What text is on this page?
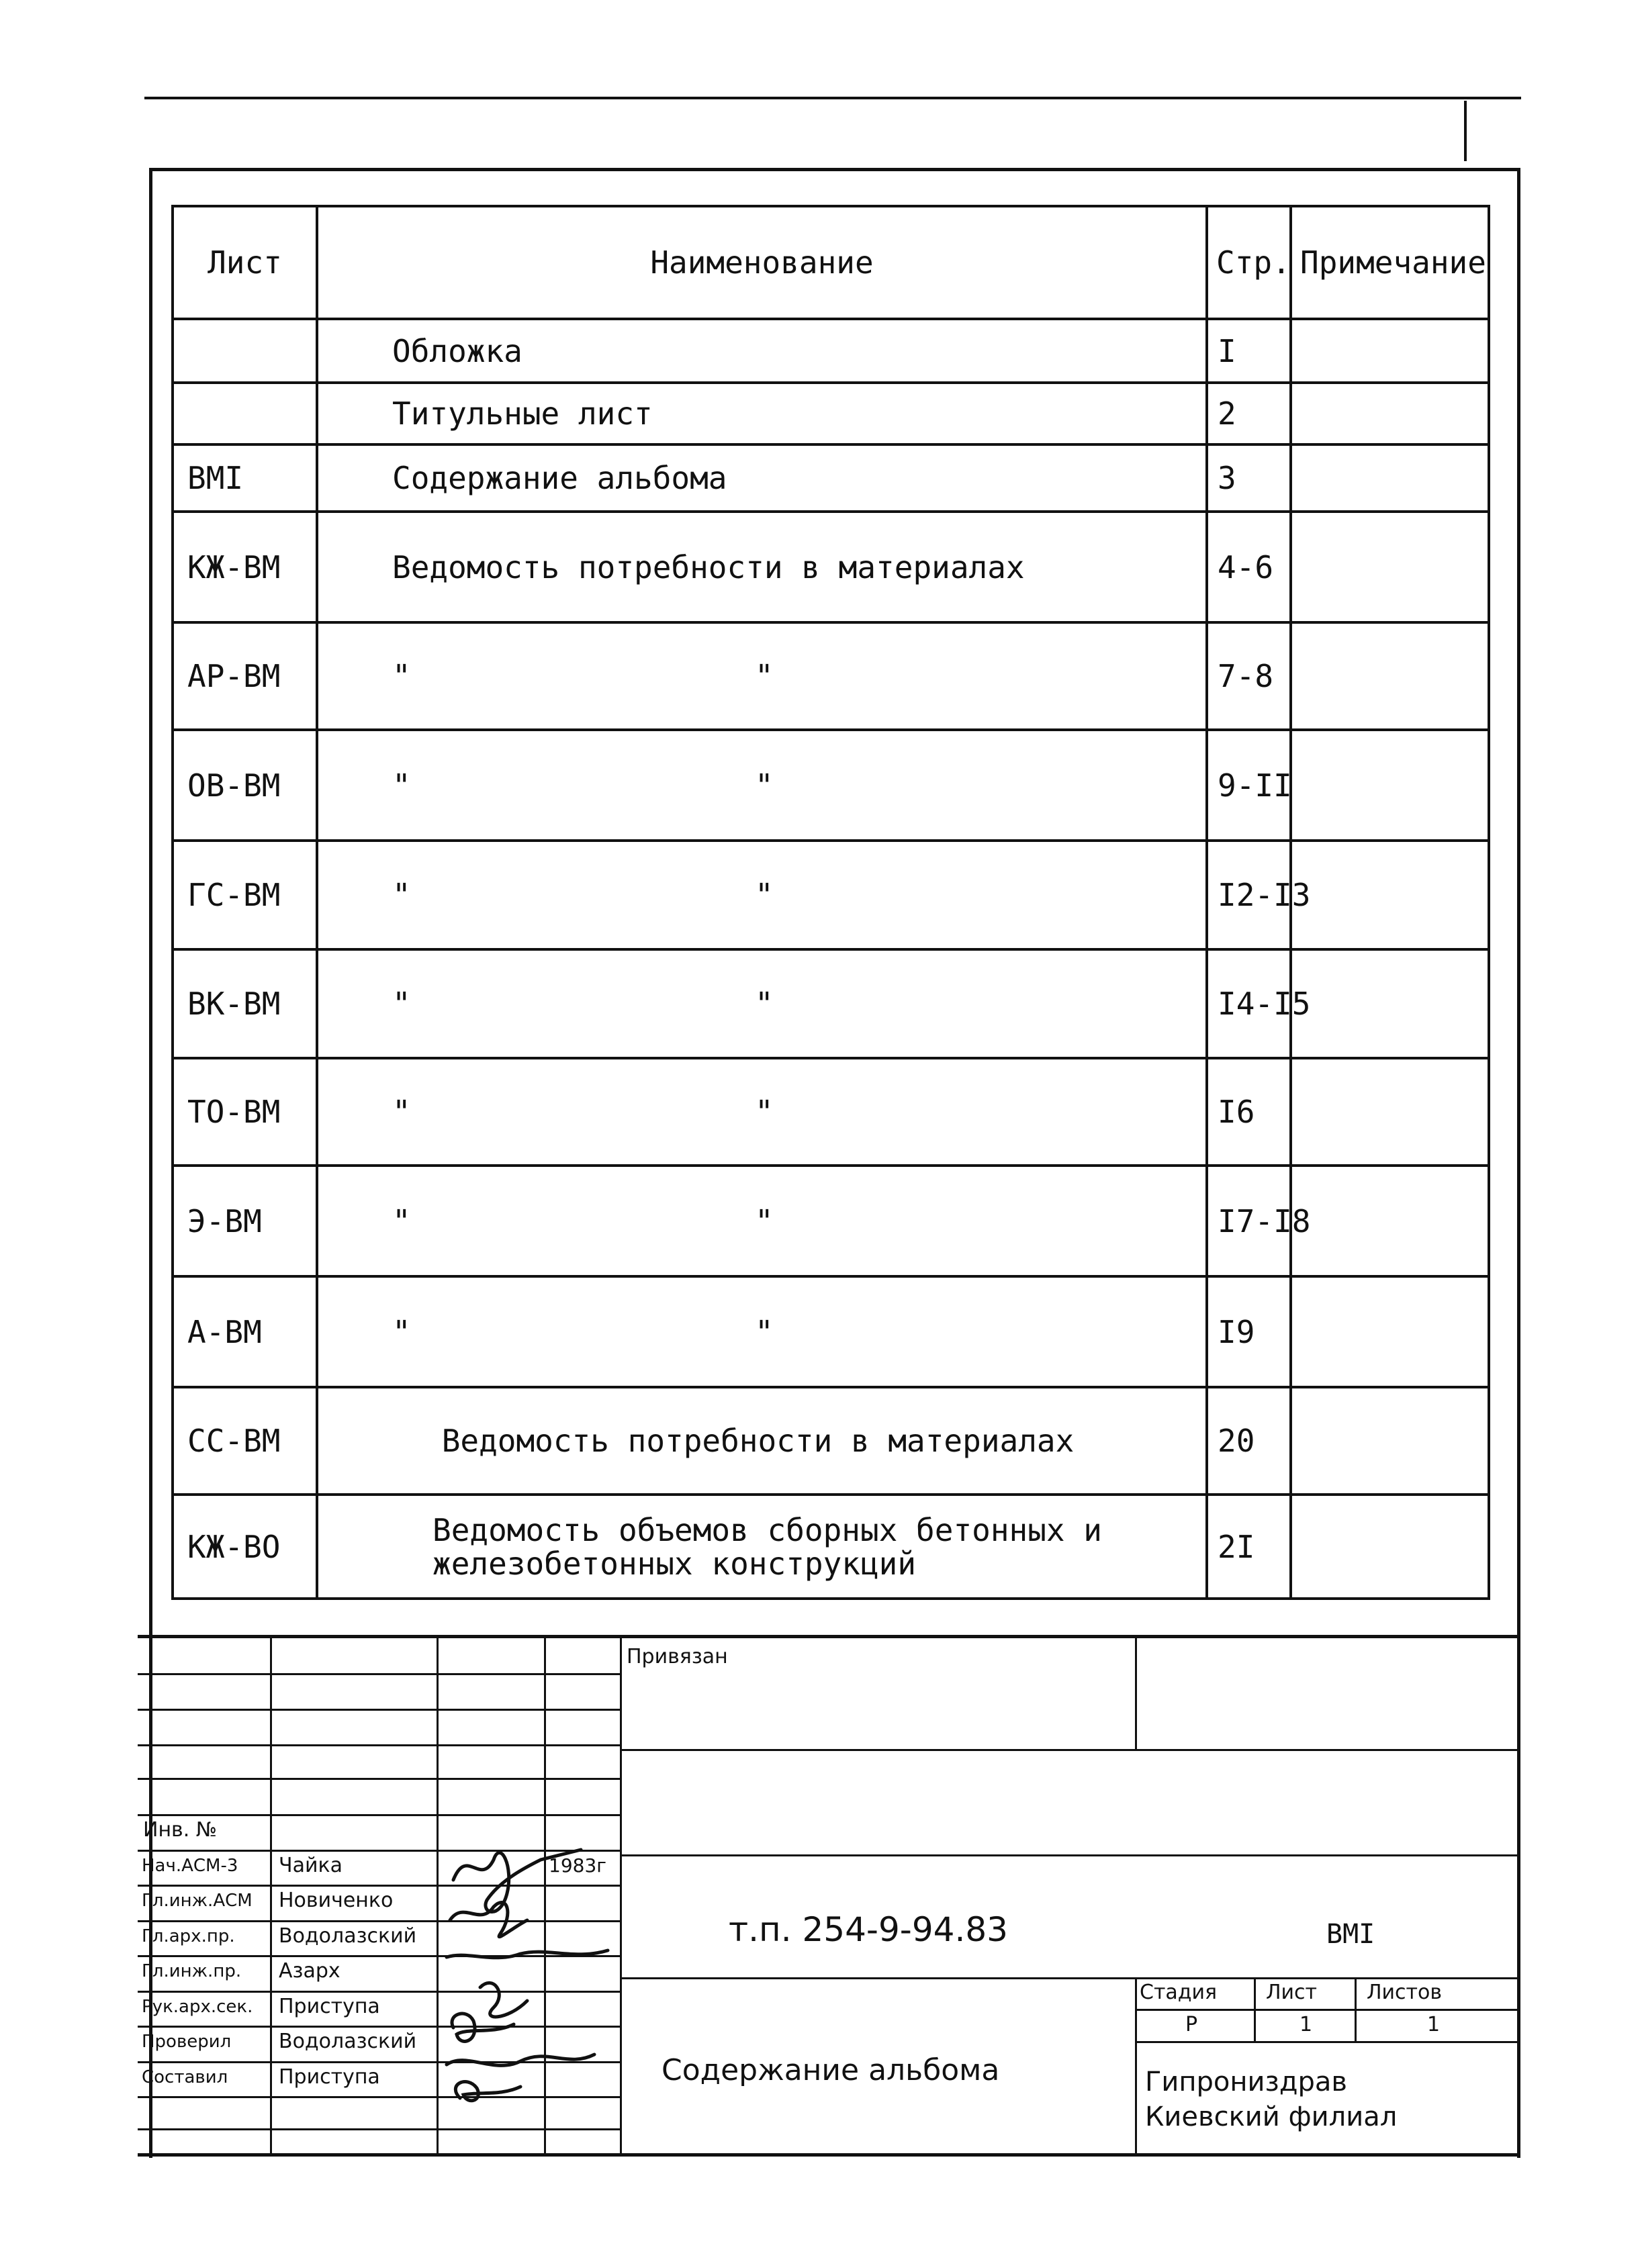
Лист	Наименование	Стр.	Примечание
	Обложка	I	
	Титульные лист	2	
ВМI	Содержание альбома	3	
КЖ-ВМ	Ведомость потребности в материалах	4-6	
АР-ВМ	" "	7-8	
ОВ-ВМ	" "	9-II	
ГС-ВМ	" "	I2-I3	
ВК-ВМ	" "	I4-I5	
ТО-ВМ	" "	I6	
Э-ВМ	" "	I7-I8	
А-ВМ	" "	I9	
СС-ВМ	Ведомость потребности в материалах	20	
КЖ-ВО	Ведомость объемов сборных бетонных и железобетонных конструкций	2I	
Привязан
Инв. №
Нач.АСМ-3 Чайка	1983г
Гл.инж.АСМ Новиченко
Гл.арх.пр. Водолазский
Гл.инж.пр. Азарх
Рук.арх.сек. Приступа
Проверил Водолазский
Составил	Приступа
т.п. 254-9-94.83	ВМI
Содержание альбома
Стадия Лист Листов
Р	1	1
Гипрониздрав
Киевский филиал
